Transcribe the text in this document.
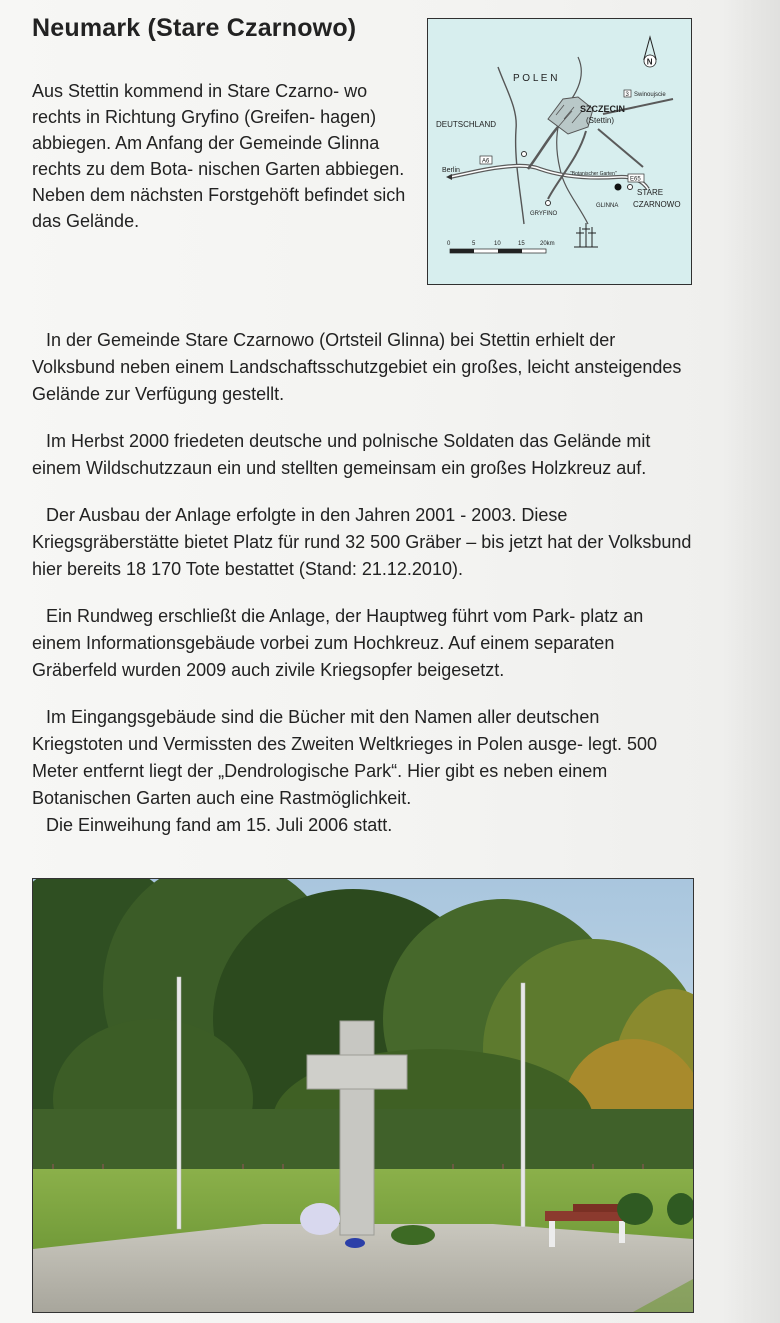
Neumark (Stare Czarnowo)
Aus Stettin kommend in Stare Czarno- wo rechts in Richtung Gryfino (Greifen- hagen) abbiegen. Am Anfang der Gemeinde Glinna rechts zu dem Bota- nischen Garten abbiegen. Neben dem nächsten Forstgehöft befindet sich das Gelände.
P O L E N
DEUTSCHLAND
SZCZECIN
(Stettin)
3 Swinoujscie
Berlin
A6
E65
"Botanischer Garten"
GLINNA
STARE
CZARNOWO
GRYFINO
N
0	5	10	15	20km

In der Gemeinde Stare Czarnowo (Ortsteil Glinna) bei Stettin erhielt der Volksbund neben einem Landschaftsschutzgebiet ein großes, leicht ansteigendes Gelände zur Verfügung gestellt.

Im Herbst 2000 friedeten deutsche und polnische Soldaten das Gelände mit einem Wildschutzzaun ein und stellten gemeinsam ein großes Holzkreuz auf.

Der Ausbau der Anlage erfolgte in den Jahren 2001 - 2003. Diese Kriegsgräberstätte bietet Platz für rund 32 500 Gräber – bis jetzt hat der Volksbund hier bereits 18 170 Tote bestattet (Stand: 21.12.2010).

Ein Rundweg erschließt die Anlage, der Hauptweg führt vom Park- platz an einem Informationsgebäude vorbei zum Hochkreuz. Auf einem separaten Gräberfeld wurden 2009 auch zivile Kriegsopfer beigesetzt.

Im Eingangsgebäude sind die Bücher mit den Namen aller deutschen Kriegstoten und Vermissten des Zweiten Weltkrieges in Polen ausge- legt. 500 Meter entfernt liegt der „Dendrologische Park“. Hier gibt es neben einem Botanischen Garten auch eine Rastmöglichkeit.

Die Einweihung fand am 15. Juli 2006 statt.
